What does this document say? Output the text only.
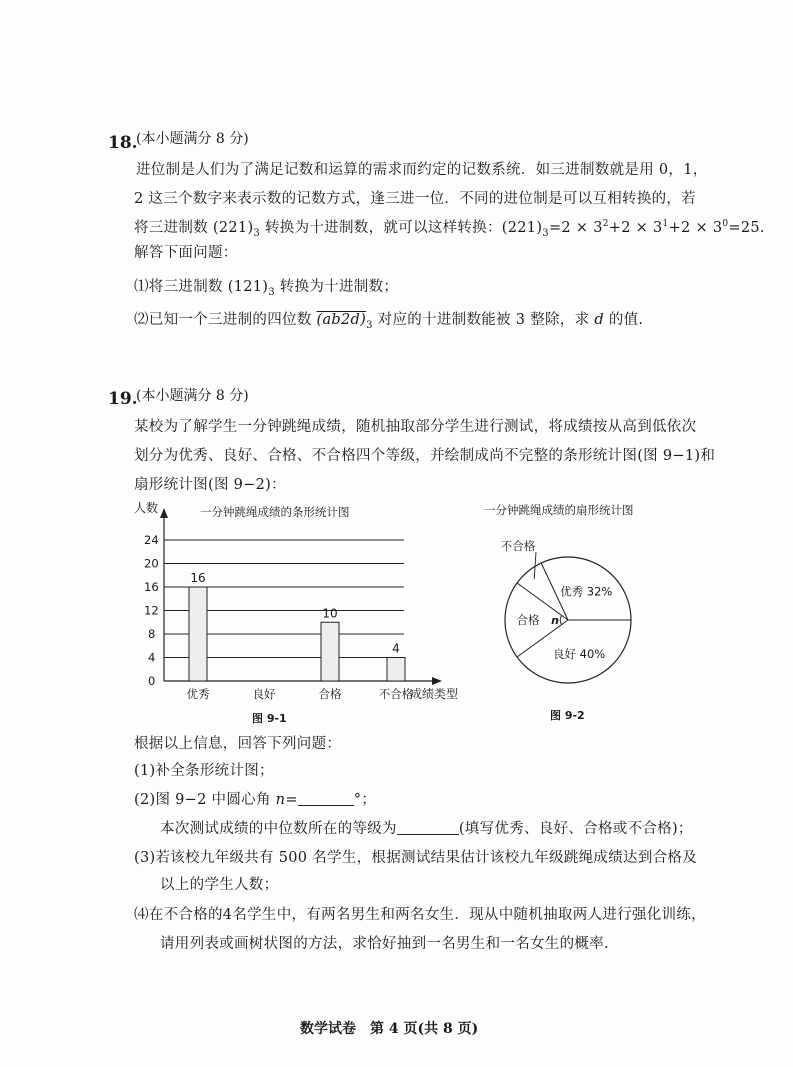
18.
(本小题满分 8 分)
进位制是人们为了满足记数和运算的需求而约定的记数系统．如三进制数就是用 0，1，
2 这三个数字来表示数的记数方式，逢三进一位．不同的进位制是可以互相转换的，若
将三进制数 $(221)_3$ 转换为十进制数，就可以这样转换：$(221)_3=2 \times 3^2+2 \times 3^1+2 \times 3^0=25$.
解答下面问题：
⑴将三进制数 $(121)_3$ 转换为十进制数；
⑵已知一个三进制的四位数 $(ab2d)_3$ 对应的十进制数能被 3 整除，求 d 的值.
19.
(本小题满分 8 分)
某校为了解学生一分钟跳绳成绩，随机抽取部分学生进行测试，将成绩按从高到低依次
划分为优秀、良好、合格、不合格四个等级，并绘制成尚不完整的条形统计图(图 9−1)和
扇形统计图(图 9−2)：
人数	一分钟跳绳成绩的条形统计图
成绩类型
图 9-1
0
4
8
12
16
20
24
优秀
16
良好	合格
10
不合格
4
一分钟跳绳成绩的扇形统计图
图 9-2
优秀 32%
良好 40%
合格
不合格
n
根据以上信息，回答下列问题：
(1)补全条形统计图；
(2)图 9−2 中圆心角 n=	°；
本次测试成绩的中位数所在的等级为	(填写优秀、良好、合格或不合格)；
(3)若该校九年级共有 500 名学生，根据测试结果估计该校九年级跳绳成绩达到合格及
以上的学生人数；
⑷在不合格的4名学生中，有两名男生和两名女生．现从中随机抽取两人进行强化训练，
请用列表或画树状图的方法，求恰好抽到一名男生和一名女生的概率.
数学试卷　第 4 页(共 8 页)
